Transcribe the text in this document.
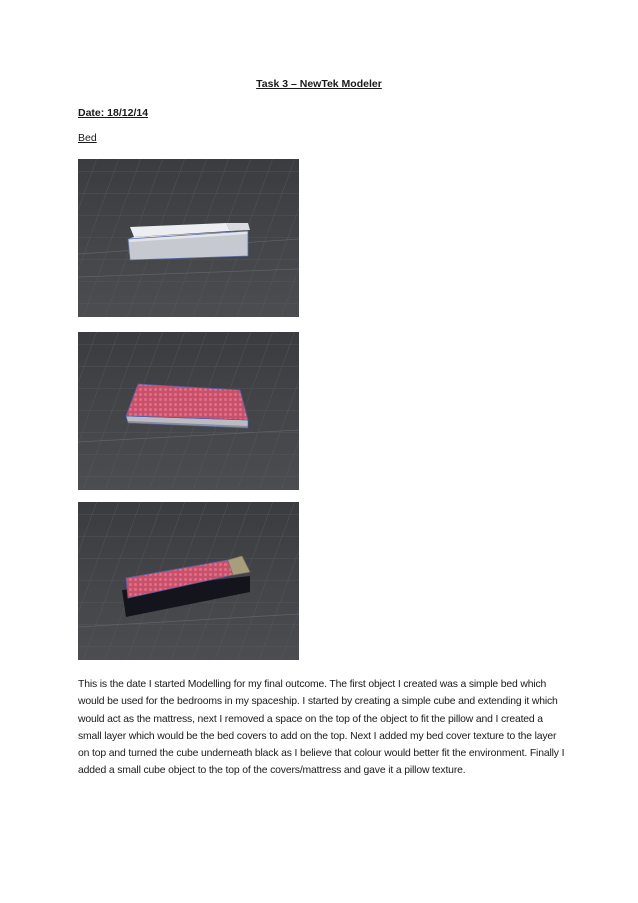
Task 3 – NewTek Modeler
Date: 18/12/14
Bed

This is the date I started Modelling for my final outcome. The first object I created was a simple bed which would be used for the bedrooms in my spaceship. I started by creating a simple cube and extending it which would act as the mattress, next I removed a space on the top of the object to fit the pillow and I created a small layer which would be the bed covers to add on the top. Next I added my bed cover texture to the layer on top and turned the cube underneath black as I believe that colour would better fit the environment. Finally I added a small cube object to the top of the covers/mattress and gave it a pillow texture.
